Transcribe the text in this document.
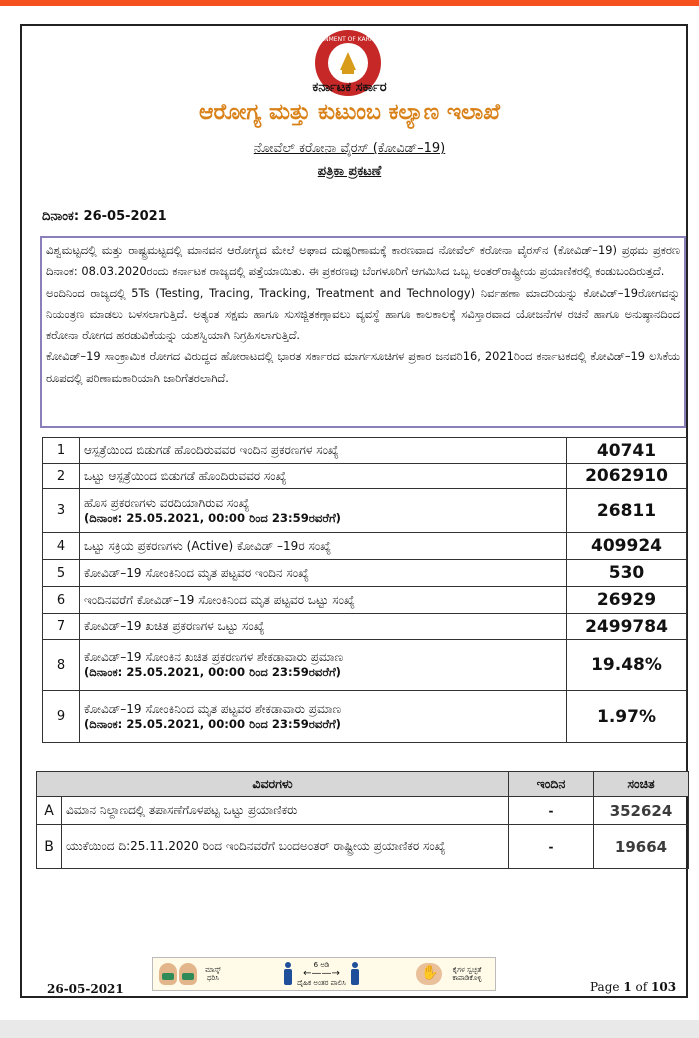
GOVERNMENT OF KARNATAKA
ಕರ್ನಾಟಕ ಸರ್ಕಾರ
ಆರೋಗ್ಯ ಮತ್ತು ಕುಟುಂಬ ಕಲ್ಯಾಣ ಇಲಾಖೆ
ನೋವೆಲ್ ಕರೋನಾ ವೈರಸ್ (ಕೋವಿಡ್–19)
ಪತ್ರಿಕಾ ಪ್ರಕಟಣೆ
ದಿನಾಂಕ: 26-05-2021

ವಿಶ್ವಮಟ್ಟದಲ್ಲಿ ಮತ್ತು ರಾಷ್ಟ್ರಮಟ್ಟದಲ್ಲಿ ಮಾನವನ ಆರೋಗ್ಯದ ಮೇಲೆ ಅಘಾದ ದುಷ್ಪರಿಣಾಮಕ್ಕೆ ಕಾರಣವಾದ ನೋವೆಲ್ ಕರೋನಾ ವೈರಸ್‌ನ (ಕೋವಿಡ್–19) ಪ್ರಥಮ ಪ್ರಕರಣ ದಿನಾಂಕ: 08.03.2020ರಂದು ಕರ್ನಾಟಕ ರಾಜ್ಯದಲ್ಲಿ ಪತ್ತೆಯಾಯಿತು. ಈ ಪ್ರಕರಣವು ಬೆಂಗಳೂರಿಗೆ ಆಗಮಿಸಿದ ಒಬ್ಬ ಅಂತರ್‌ರಾಷ್ಟ್ರೀಯ ಪ್ರಯಾಣಿಕರಲ್ಲಿ ಕಂಡುಬಂದಿರುತ್ತದೆ.

ಅಂದಿನಿಂದ ರಾಜ್ಯದಲ್ಲಿ 5Ts (Testing, Tracing, Tracking, Treatment and Technology) ನಿರ್ವಹಣಾ ಮಾದರಿಯನ್ನು ಕೋವಿಡ್–19ರೋಗವನ್ನು ನಿಯಂತ್ರಣ ಮಾಡಲು ಬಳಸಲಾಗುತ್ತಿದೆ. ಅತ್ಯಂತ ಸಕ್ಷಮ ಹಾಗೂ ಸುಸಜ್ಜಿತಕಣ್ಗಾವಲು ವ್ಯವಸ್ಥೆ ಹಾಗೂ ಕಾಲಕಾಲಕ್ಕೆ ಸವಿಸ್ತಾರವಾದ ಯೋಜನೆಗಳ ರಚನೆ ಹಾಗೂ ಅನುಷ್ಠಾನದಿಂದ ಕರೋನಾ ರೋಗದ ಹರಡುವಿಕೆಯನ್ನು ಯಶಸ್ವಿಯಾಗಿ ನಿಗ್ರಹಿಸಲಾಗುತ್ತಿದೆ.

ಕೋವಿಡ್–19 ಸಾಂಕ್ರಾಮಿಕ ರೋಗದ ವಿರುದ್ಧದ ಹೋರಾಟದಲ್ಲಿ ಭಾರತ ಸರ್ಕಾರದ ಮಾರ್ಗಸೂಚಿಗಳ ಪ್ರಕಾರ ಜನವರಿ16, 2021ರಿಂದ ಕರ್ನಾಟಕದಲ್ಲಿ ಕೋವಿಡ್–19 ಲಸಿಕೆಯ ರೂಪದಲ್ಲಿ ಪರಿಣಾಮಕಾರಿಯಾಗಿ ಜಾರಿಗೆತರಲಾಗಿದೆ.

1	ಆಸ್ಪತ್ರೆಯಿಂದ ಬಿಡುಗಡೆ ಹೊಂದಿರುವವರ ಇಂದಿನ ಪ್ರಕರಣಗಳ ಸಂಖ್ಯೆ	40741
2	ಒಟ್ಟು ಆಸ್ಪತ್ರೆಯಿಂದ ಬಿಡುಗಡೆ ಹೊಂದಿರುವವರ ಸಂಖ್ಯೆ	2062910
3	ಹೊಸ ಪ್ರಕರಣಗಳು ವರದಿಯಾಗಿರುವ ಸಂಖ್ಯೆ
(ದಿನಾಂಕ: 25.05.2021, 00:00 ರಿಂದ 23:59ರವರೆಗೆ)	26811
4	ಒಟ್ಟು ಸಕ್ರಿಯ ಪ್ರಕರಣಗಳು (Active) ಕೋವಿಡ್ –19ರ ಸಂಖ್ಯೆ	409924
5	ಕೋವಿಡ್–19 ಸೋಂಕಿನಿಂದ ಮೃತ ಪಟ್ಟವರ ಇಂದಿನ ಸಂಖ್ಯೆ	530
6	ಇಂದಿನವರೆಗೆ ಕೋವಿಡ್–19 ಸೋಂಕಿನಿಂದ ಮೃತ ಪಟ್ಟವರ ಒಟ್ಟು ಸಂಖ್ಯೆ	26929
7	ಕೋವಿಡ್–19 ಖಚಿತ ಪ್ರಕರಣಗಳ ಒಟ್ಟು ಸಂಖ್ಯೆ	2499784
8	ಕೋವಿಡ್–19 ಸೋಂಕಿನ ಖಚಿತ ಪ್ರಕರಣಗಳ ಶೇಕಡಾವಾರು ಪ್ರಮಾಣ
(ದಿನಾಂಕ: 25.05.2021, 00:00 ರಿಂದ 23:59ರವರೆಗೆ)	19.48%
9	ಕೋವಿಡ್–19 ಸೋಂಕಿನಿಂದ ಮೃತ ಪಟ್ಟವರ ಶೇಕಡಾವಾರು ಪ್ರಮಾಣ
(ದಿನಾಂಕ: 25.05.2021, 00:00 ರಿಂದ 23:59ರವರೆಗೆ)	1.97%
ವಿವರಗಳು		ಇಂದಿನ	ಸಂಚಿತ
A	ವಿಮಾನ ನಿಲ್ದಾಣದಲ್ಲಿ ತಪಾಸಣೆಗೊಳಪಟ್ಟ ಒಟ್ಟು ಪ್ರಯಾಣಿಕರು	-	352624
B	ಯುಕೆಯಿಂದ ದಿ:25.11.2020 ರಿಂದ ಇಂದಿನವರೆಗೆ ಬಂದಅಂತರ್ ರಾಷ್ಟ್ರೀಯ ಪ್ರಯಾಣಿಕರ ಸಂಖ್ಯೆ	-	19664
ಮಾಸ್ಕ್ ಧರಿಸಿ
6 ಅಡಿ
←——→
ದೈಹಿಕ ಅಂತರ ಪಾಲಿಸಿ
✋
ಕೈಗಳ ಸ್ವಚ್ಛತೆ ಕಾಪಾಡಿಕೊಳ್ಳಿ
26-05-2021	Page 1 of 103
